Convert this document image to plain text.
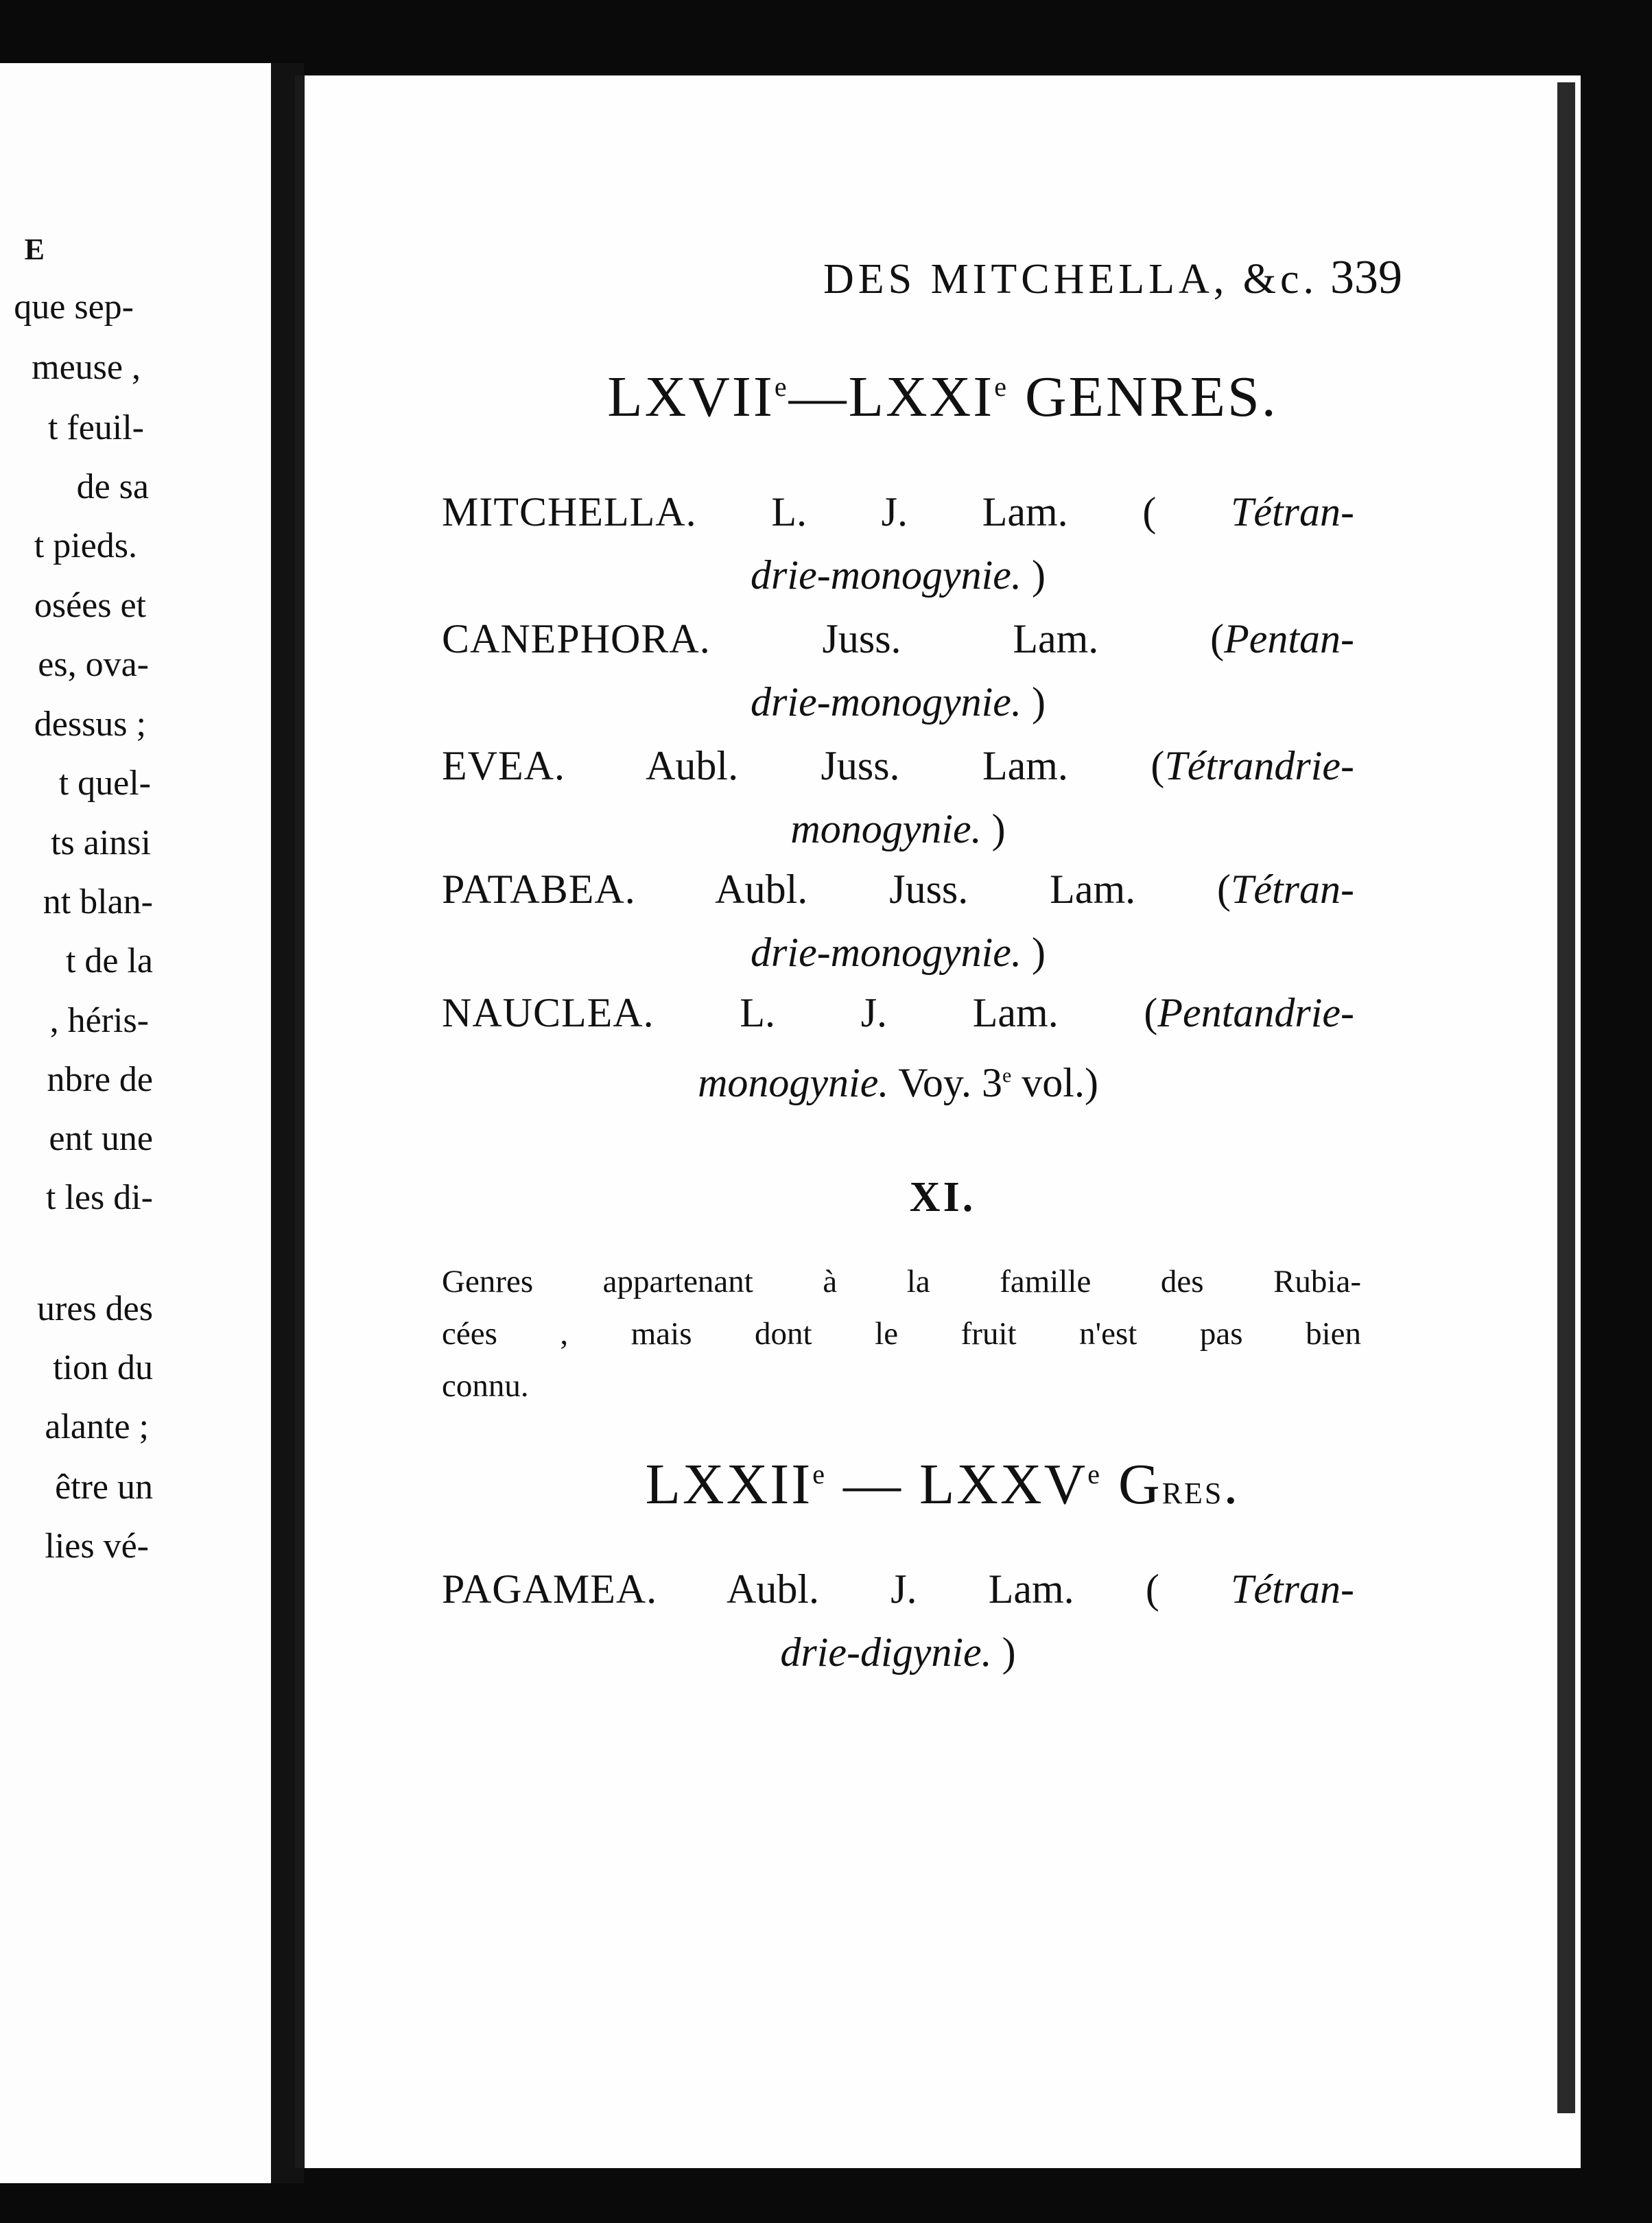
E
que sep-
meuse ,
t feuil-
de sa
t pieds.
osées et
es, ova-
dessus ;
t quel-
ts ainsi
nt blan-
t de la
, héris-
nbre de
ent une
t les di-
ures des
tion du
alante ;
être un
lies vé-
DES MITCHELLA, &c. 339
LXVIIe—LXXIe GENRES.
MITCHELLA. L. J. Lam. ( Tétran-
drie-monogynie. )
CANEPHORA. Juss. Lam. (Pentan-
drie-monogynie. )
EVEA. Aubl. Juss. Lam. (Tétrandrie-
monogynie. )
PATABEA. Aubl. Juss. Lam. (Tétran-
drie-monogynie. )
NAUCLEA. L. J. Lam. (Pentandrie-
monogynie. Voy. 3e vol.)
XI.
Genres appartenant à la famille des Rubia-
cées , mais dont le fruit n'est pas bien
connu.
LXXIIe — LXXVe GRES.
PAGAMEA. Aubl. J. Lam. ( Tétran-
drie-digynie. )
